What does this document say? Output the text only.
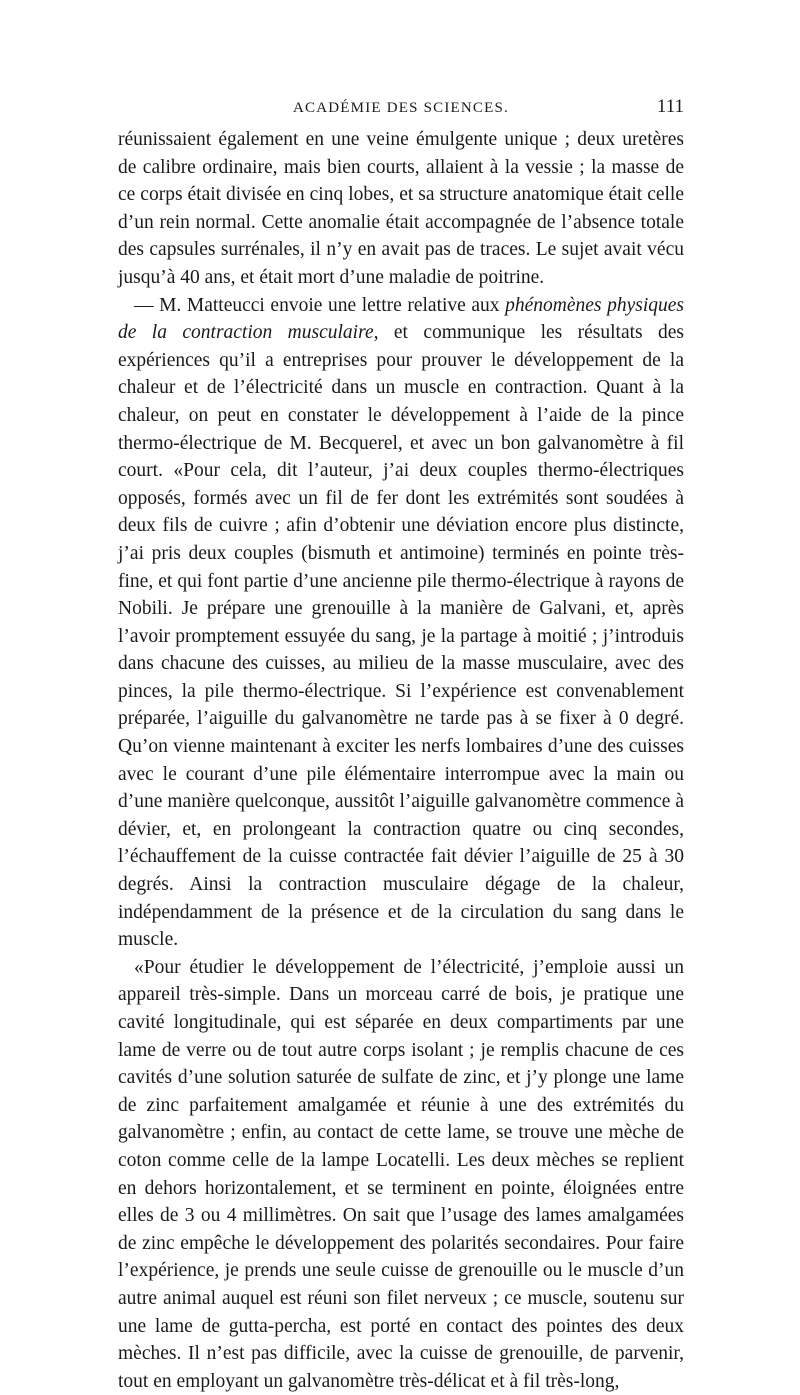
ACADÉMIE DES SCIENCES.	111

réunissaient également en une veine émulgente unique ; deux uretères de calibre ordinaire, mais bien courts, allaient à la vessie ; la masse de ce corps était divisée en cinq lobes, et sa structure anatomique était celle d’un rein normal. Cette anomalie était accompagnée de l’absence totale des capsules surrénales, il n’y en avait pas de traces. Le sujet avait vécu jusqu’à 40 ans, et était mort d’une maladie de poitrine.

— M. Matteucci envoie une lettre relative aux phénomènes physiques de la contraction musculaire, et communique les résultats des expériences qu’il a entreprises pour prouver le développement de la chaleur et de l’électricité dans un muscle en contraction. Quant à la chaleur, on peut en constater le développement à l’aide de la pince thermo-électrique de M. Becquerel, et avec un bon galvanomètre à fil court. «Pour cela, dit l’auteur, j’ai deux couples thermo-électriques opposés, formés avec un fil de fer dont les extrémités sont soudées à deux fils de cuivre ; afin d’obtenir une déviation encore plus distincte, j’ai pris deux couples (bismuth et antimoine) terminés en pointe très-fine, et qui font partie d’une ancienne pile thermo-électrique à rayons de Nobili. Je prépare une grenouille à la manière de Galvani, et, après l’avoir promptement essuyée du sang, je la partage à moitié ; j’introduis dans chacune des cuisses, au milieu de la masse musculaire, avec des pinces, la pile thermo-électrique. Si l’expérience est convenablement préparée, l’aiguille du galvanomètre ne tarde pas à se fixer à 0 degré. Qu’on vienne maintenant à exciter les nerfs lombaires d’une des cuisses avec le courant d’une pile élémentaire interrompue avec la main ou d’une manière quelconque, aussitôt l’aiguille galvanomètre commence à dévier, et, en prolongeant la contraction quatre ou cinq secondes, l’échauffement de la cuisse contractée fait dévier l’aiguille de 25 à 30 degrés. Ainsi la contraction musculaire dégage de la chaleur, indépendamment de la présence et de la circulation du sang dans le muscle.

«Pour étudier le développement de l’électricité, j’emploie aussi un appareil très-simple. Dans un morceau carré de bois, je pratique une cavité longitudinale, qui est séparée en deux compartiments par une lame de verre ou de tout autre corps isolant ; je remplis chacune de ces cavités d’une solution saturée de sulfate de zinc, et j’y plonge une lame de zinc parfaitement amalgamée et réunie à une des extrémités du galvanomètre ; enfin, au contact de cette lame, se trouve une mèche de coton comme celle de la lampe Locatelli. Les deux mèches se replient en dehors horizontalement, et se terminent en pointe, éloignées entre elles de 3 ou 4 millimètres. On sait que l’usage des lames amalgamées de zinc empêche le développement des polarités secondaires. Pour faire l’expérience, je prends une seule cuisse de grenouille ou le muscle d’un autre animal auquel est réuni son filet nerveux ; ce muscle, soutenu sur une lame de gutta-percha, est porté en contact des pointes des deux mèches. Il n’est pas difficile, avec la cuisse de grenouille, de parvenir, tout en employant un galvanomètre très-délicat et à fil très-long,
